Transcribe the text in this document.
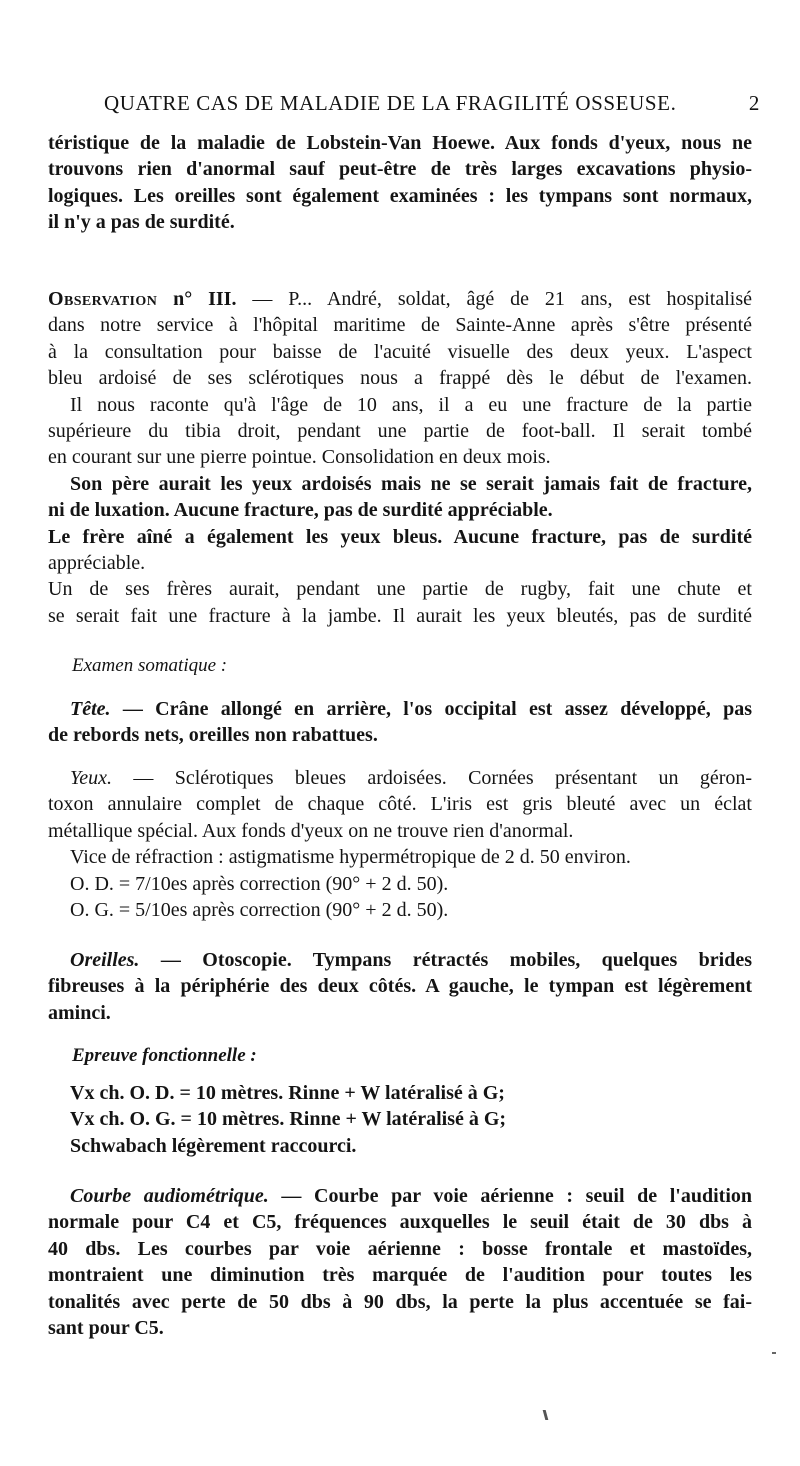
QUATRE CAS DE MALADIE DE LA FRAGILITÉ OSSEUSE.	2
téristique de la maladie de Lobstein-Van Hoewe. Aux fonds d'yeux, nous ne
trouvons rien d'anormal sauf peut-être de très larges excavations physio-
logiques. Les oreilles sont également examinées : les tympans sont normaux,
il n'y a pas de surdité.
Observation n° III. — P... André, soldat, âgé de 21 ans, est hospitalisé
dans notre service à l'hôpital maritime de Sainte-Anne après s'être présenté
à la consultation pour baisse de l'acuité visuelle des deux yeux. L'aspect
bleu ardoisé de ses sclérotiques nous a frappé dès le début de l'examen.
Il nous raconte qu'à l'âge de 10 ans, il a eu une fracture de la partie
supérieure du tibia droit, pendant une partie de foot-ball. Il serait tombé
en courant sur une pierre pointue. Consolidation en deux mois.
Son père aurait les yeux ardoisés mais ne se serait jamais fait de fracture,
ni de luxation. Aucune fracture, pas de surdité appréciable.
Le frère aîné a également les yeux bleus. Aucune fracture, pas de surdité
appréciable.
Un de ses frères aurait, pendant une partie de rugby, fait une chute et
se serait fait une fracture à la jambe. Il aurait les yeux bleutés, pas de surdité
Examen somatique :
Tête. — Crâne allongé en arrière, l'os occipital est assez développé, pas
de rebords nets, oreilles non rabattues.
Yeux. — Sclérotiques bleues ardoisées. Cornées présentant un géron-
toxon annulaire complet de chaque côté. L'iris est gris bleuté avec un éclat
métallique spécial. Aux fonds d'yeux on ne trouve rien d'anormal.
Vice de réfraction : astigmatisme hypermétropique de 2 d. 50 environ.
O. D. = 7/10es après correction (90° + 2 d. 50).
O. G. = 5/10es après correction (90° + 2 d. 50).
Oreilles. — Otoscopie. Tympans rétractés mobiles, quelques brides
fibreuses à la périphérie des deux côtés. A gauche, le tympan est légèrement
aminci.
Epreuve fonctionnelle :
Vx ch. O. D. = 10 mètres. Rinne + W latéralisé à G;
Vx ch. O. G. = 10 mètres. Rinne + W latéralisé à G;
Schwabach légèrement raccourci.
Courbe audiométrique. — Courbe par voie aérienne : seuil de l'audition
normale pour C4 et C5, fréquences auxquelles le seuil était de 30 dbs à
40 dbs. Les courbes par voie aérienne : bosse frontale et mastoïdes,
montraient une diminution très marquée de l'audition pour toutes les
tonalités avec perte de 50 dbs à 90 dbs, la perte la plus accentuée se fai-
sant pour C5.
